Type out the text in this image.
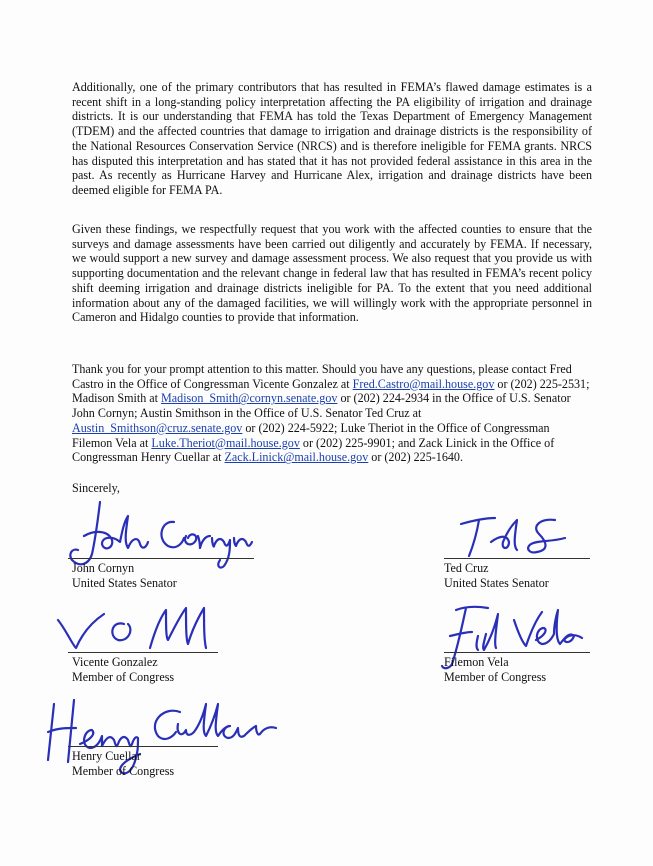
Additionally, one of the primary contributors that has resulted in FEMA’s flawed damage estimates is a recent shift in a long-standing policy interpretation affecting the PA eligibility of irrigation and drainage districts. It is our understanding that FEMA has told the Texas Department of Emergency Management (TDEM) and the affected countries that damage to irrigation and drainage districts is the responsibility of the National Resources Conservation Service (NRCS) and is therefore ineligible for FEMA grants. NRCS has disputed this interpretation and has stated that it has not provided federal assistance in this area in the past. As recently as Hurricane Harvey and Hurricane Alex, irrigation and drainage districts have been deemed eligible for FEMA PA.

Given these findings, we respectfully request that you work with the affected counties to ensure that the surveys and damage assessments have been carried out diligently and accurately by FEMA. If necessary, we would support a new survey and damage assessment process. We also request that you provide us with supporting documentation and the relevant change in federal law that has resulted in FEMA’s recent policy shift deeming irrigation and drainage districts ineligible for PA. To the extent that you need additional information about any of the damaged facilities, we will willingly work with the appropriate personnel in Cameron and Hidalgo counties to provide that information.

Thank you for your prompt attention to this matter. Should you have any questions, please contact Fred Castro in the Office of Congressman Vicente Gonzalez at Fred.Castro@mail.house.gov or (202) 225-2531; Madison Smith at Madison_Smith@cornyn.senate.gov or (202) 224-2934 in the Office of U.S. Senator John Cornyn; Austin Smithson in the Office of U.S. Senator Ted Cruz at Austin_Smithson@cruz.senate.gov or (202) 224-5922; Luke Theriot in the Office of Congressman Filemon Vela at Luke.Theriot@mail.house.gov or (202) 225-9901; and Zack Linick in the Office of Congressman Henry Cuellar at Zack.Linick@mail.house.gov or (202) 225-1640.

Sincerely,
John Cornyn
United States Senator
Ted Cruz
United States Senator
Vicente Gonzalez
Member of Congress
Filemon Vela
Member of Congress
Henry Cuellar
Member of Congress
